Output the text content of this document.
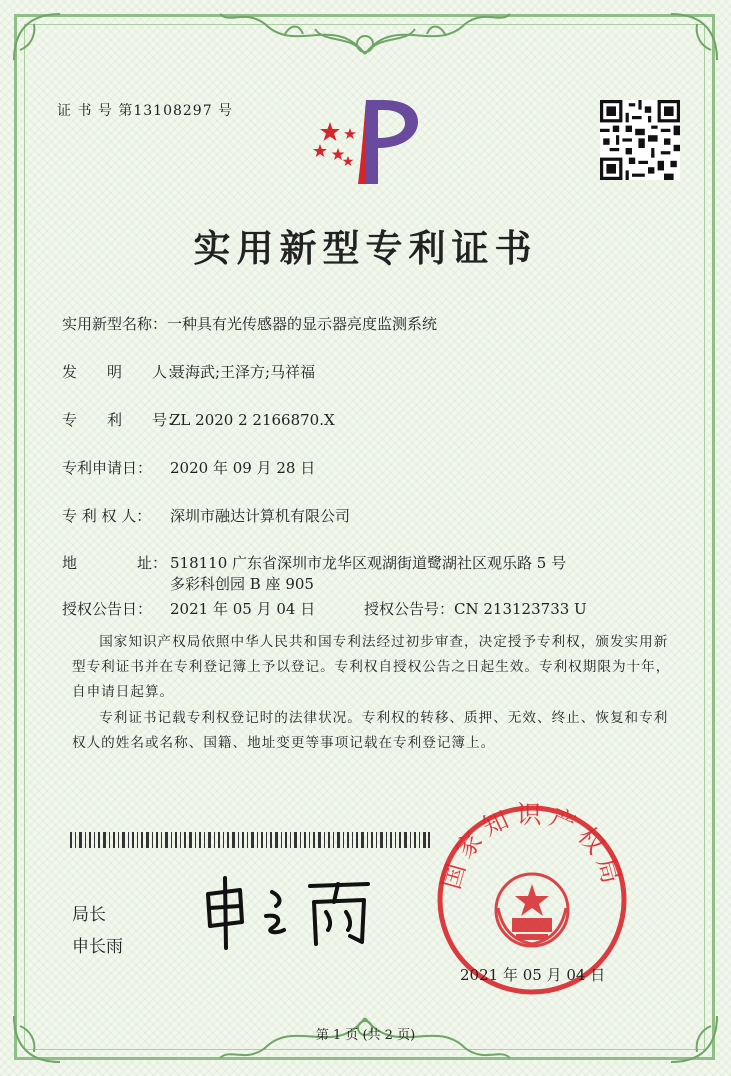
证 书 号 第13108297 号
实用新型专利证书
实用新型名称：一种具有光传感器的显示器亮度监测系统
发　　明　　人：聂海武;王泽方;马祥福
专　　利　　号：ZL 2020 2 2166870.X
专利申请日： 2020 年 09 月 28 日
专 利 权 人： 深圳市融达计算机有限公司
地　　　　址： 518110 广东省深圳市龙华区观湖街道鹭湖社区观乐路 5 号
多彩科创园 B 座 905
授权公告日： 2021 年 05 月 04 日	授权公告号：CN 213123733 U
国家知识产权局依照中华人民共和国专利法经过初步审查，决定授予专利权，颁发实用新型专利证书并在专利登记簿上予以登记。专利权自授权公告之日起生效。专利权期限为十年，自申请日起算。
专利证书记载专利权登记时的法律状况。专利权的转移、质押、无效、终止、恢复和专利权人的姓名或名称、国籍、地址变更等事项记载在专利登记簿上。
局长
申长雨
国家知识产权局
2021 年 05 月 04 日
第 1 页 (共 2 页)
